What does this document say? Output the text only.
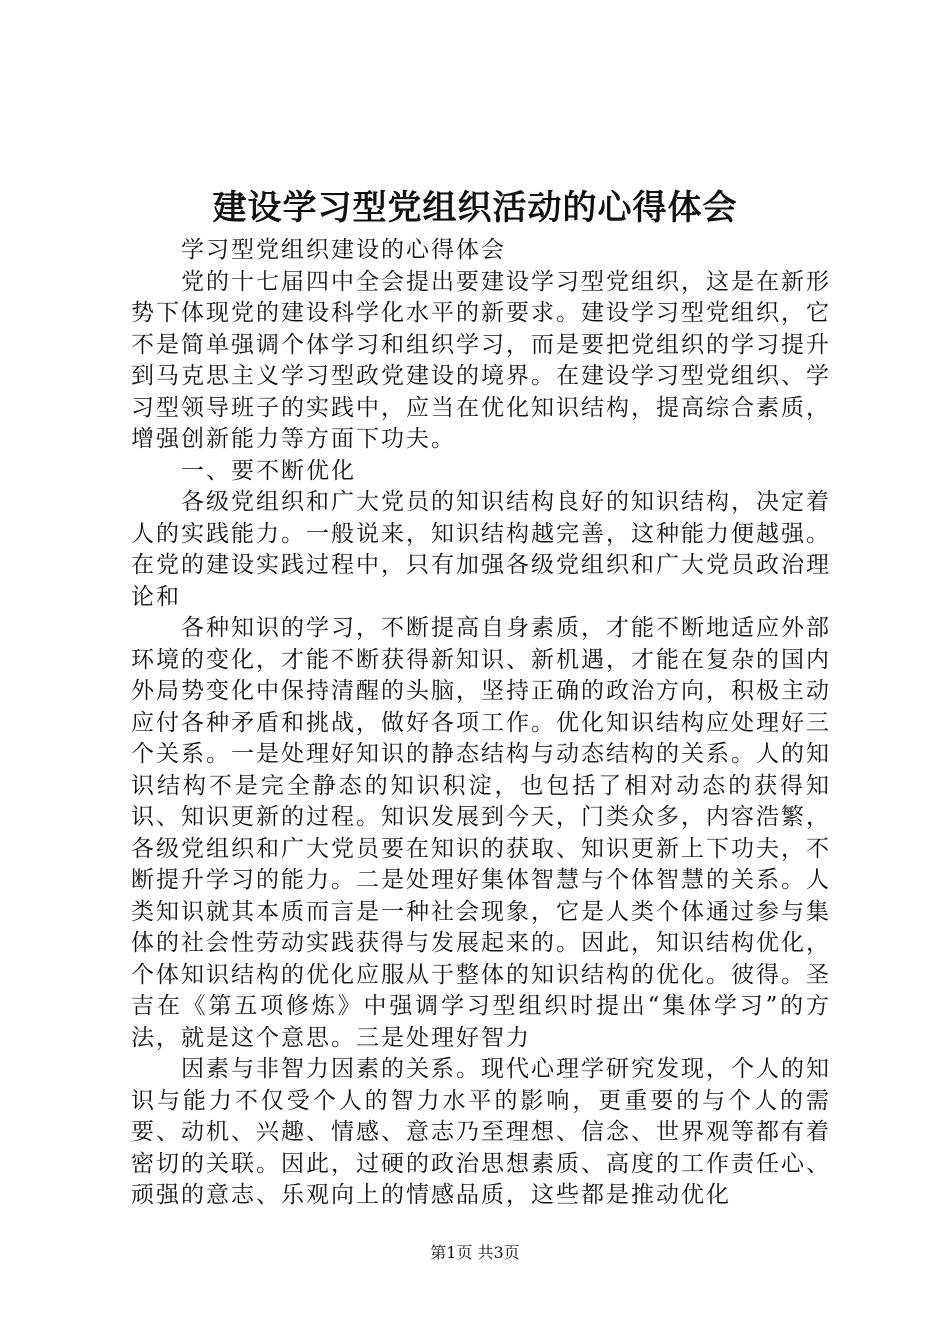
建设学习型党组织活动的心得体会

学习型党组织建设的心得体会

党的十七届四中全会提出要建设学习型党组织，这是在新形势下体现党的建设科学化水平的新要求。建设学习型党组织，它不是简单强调个体学习和组织学习，而是要把党组织的学习提升到马克思主义学习型政党建设的境界。在建设学习型党组织、学习型领导班子的实践中，应当在优化知识结构，提高综合素质，增强创新能力等方面下功夫。

一、要不断优化

各级党组织和广大党员的知识结构良好的知识结构，决定着人的实践能力。一般说来，知识结构越完善，这种能力便越强。在党的建设实践过程中，只有加强各级党组织和广大党员政治理论和

各种知识的学习，不断提高自身素质，才能不断地适应外部环境的变化，才能不断获得新知识、新机遇，才能在复杂的国内外局势变化中保持清醒的头脑，坚持正确的政治方向，积极主动应付各种矛盾和挑战，做好各项工作。优化知识结构应处理好三个关系。一是处理好知识的静态结构与动态结构的关系。人的知识结构不是完全静态的知识积淀，也包括了相对动态的获得知识、知识更新的过程。知识发展到今天，门类众多，内容浩繁，各级党组织和广大党员要在知识的获取、知识更新上下功夫，不断提升学习的能力。二是处理好集体智慧与个体智慧的关系。人类知识就其本质而言是一种社会现象，它是人类个体通过参与集体的社会性劳动实践获得与发展起来的。因此，知识结构优化，个体知识结构的优化应服从于整体的知识结构的优化。彼得。圣吉在《第五项修炼》中强调学习型组织时提出“集体学习”的方法，就是这个意思。三是处理好智力

因素与非智力因素的关系。现代心理学研究发现，个人的知识与能力不仅受个人的智力水平的影响，更重要的与个人的需要、动机、兴趣、情感、意志乃至理想、信念、世界观等都有着密切的关联。因此，过硬的政治思想素质、高度的工作责任心、顽强的意志、乐观向上的情感品质，这些都是推动优化

第1页 共3页
